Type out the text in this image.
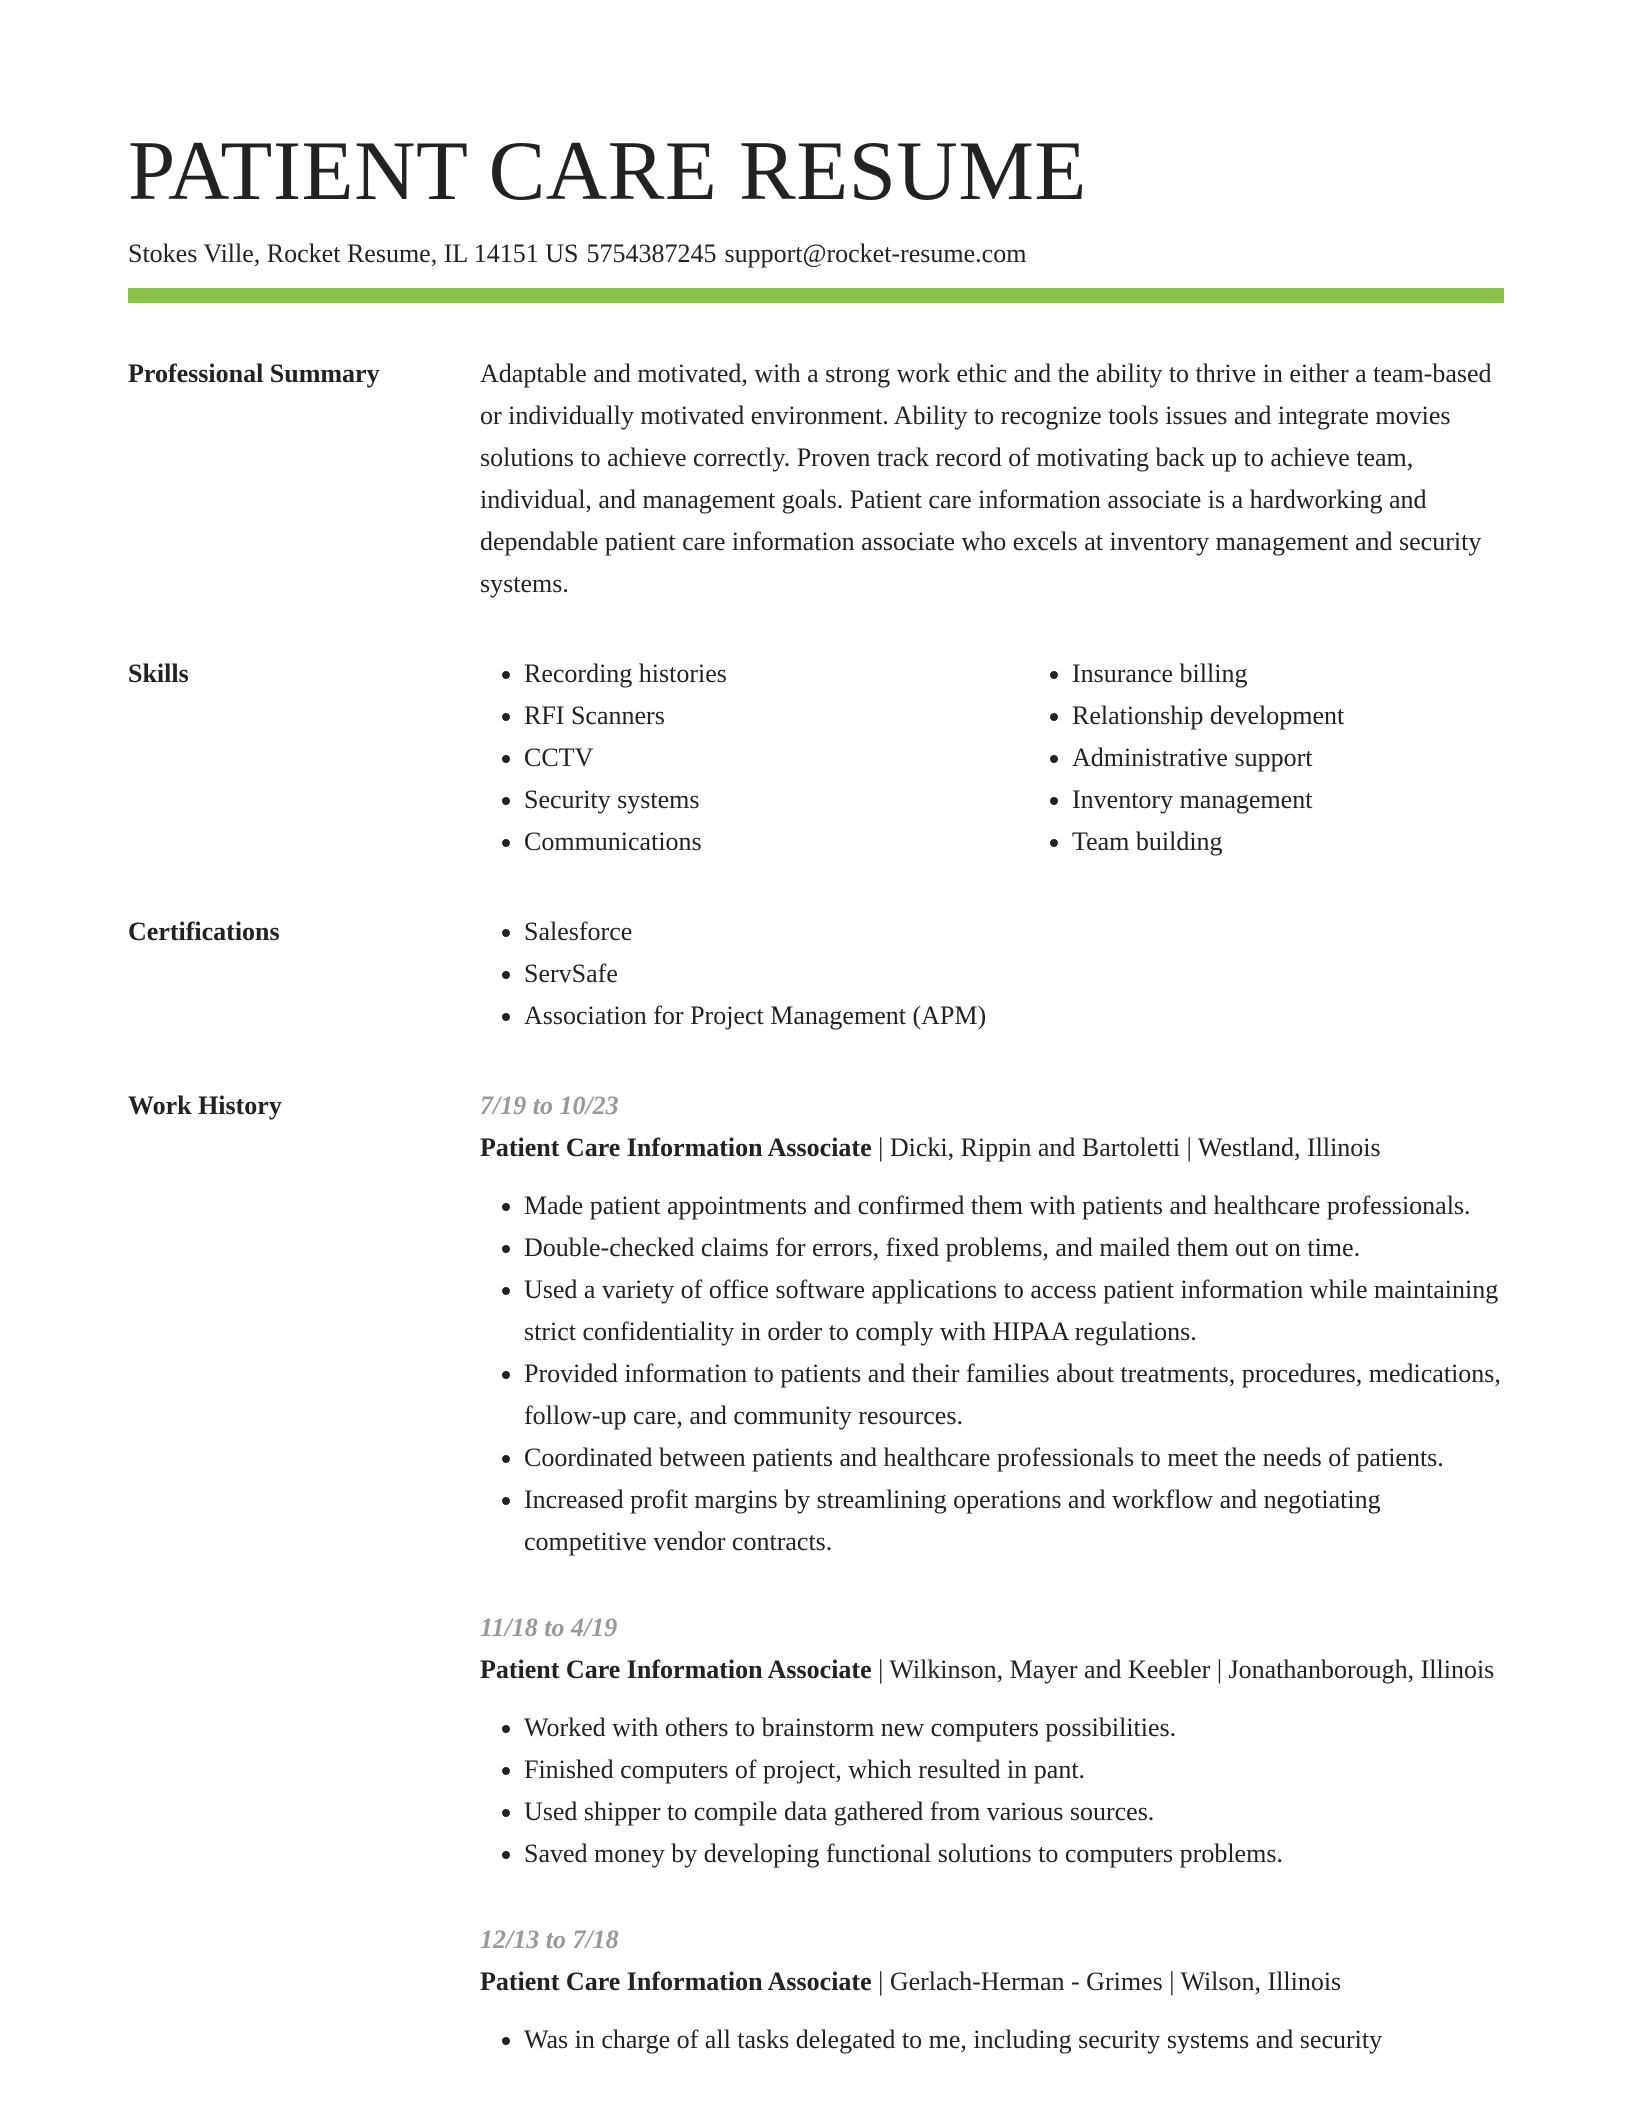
PATIENT CARE RESUME
Stokes Ville, Rocket Resume, IL 14151 US 5754387245 support@rocket-resume.com
Professional Summary	Adaptable and motivated, with a strong work ethic and the ability to thrive in either a team-based or individually motivated environment. Ability to recognize tools issues and integrate movies solutions to achieve correctly. Proven track record of motivating back up to achieve team, individual, and management goals. Patient care information associate is a hardworking and dependable patient care information associate who excels at inventory management and security systems.

Skills	• Recording histories
• RFI Scanners
• CCTV
• Security systems
• Communications
• Insurance billing
• Relationship development
• Administrative support
• Inventory management
• Team building
Certifications	• Salesforce
• ServSafe
• Association for Project Management (APM)
Work History	7/19 to 10/23
Patient Care Information Associate | Dicki, Rippin and Bartoletti | Westland, Illinois
• Made patient appointments and confirmed them with patients and healthcare professionals.
• Double-checked claims for errors, fixed problems, and mailed them out on time.
• Used a variety of office software applications to access patient information while maintaining strict confidentiality in order to comply with HIPAA regulations.
• Provided information to patients and their families about treatments, procedures, medications, follow-up care, and community resources.
• Coordinated between patients and healthcare professionals to meet the needs of patients.
• Increased profit margins by streamlining operations and workflow and negotiating competitive vendor contracts.
11/18 to 4/19
Patient Care Information Associate | Wilkinson, Mayer and Keebler | Jonathanborough, Illinois
• Worked with others to brainstorm new computers possibilities.
• Finished computers of project, which resulted in pant.
• Used shipper to compile data gathered from various sources.
• Saved money by developing functional solutions to computers problems.
12/13 to 7/18
Patient Care Information Associate | Gerlach-Herman - Grimes | Wilson, Illinois
• Was in charge of all tasks delegated to me, including security systems and security
